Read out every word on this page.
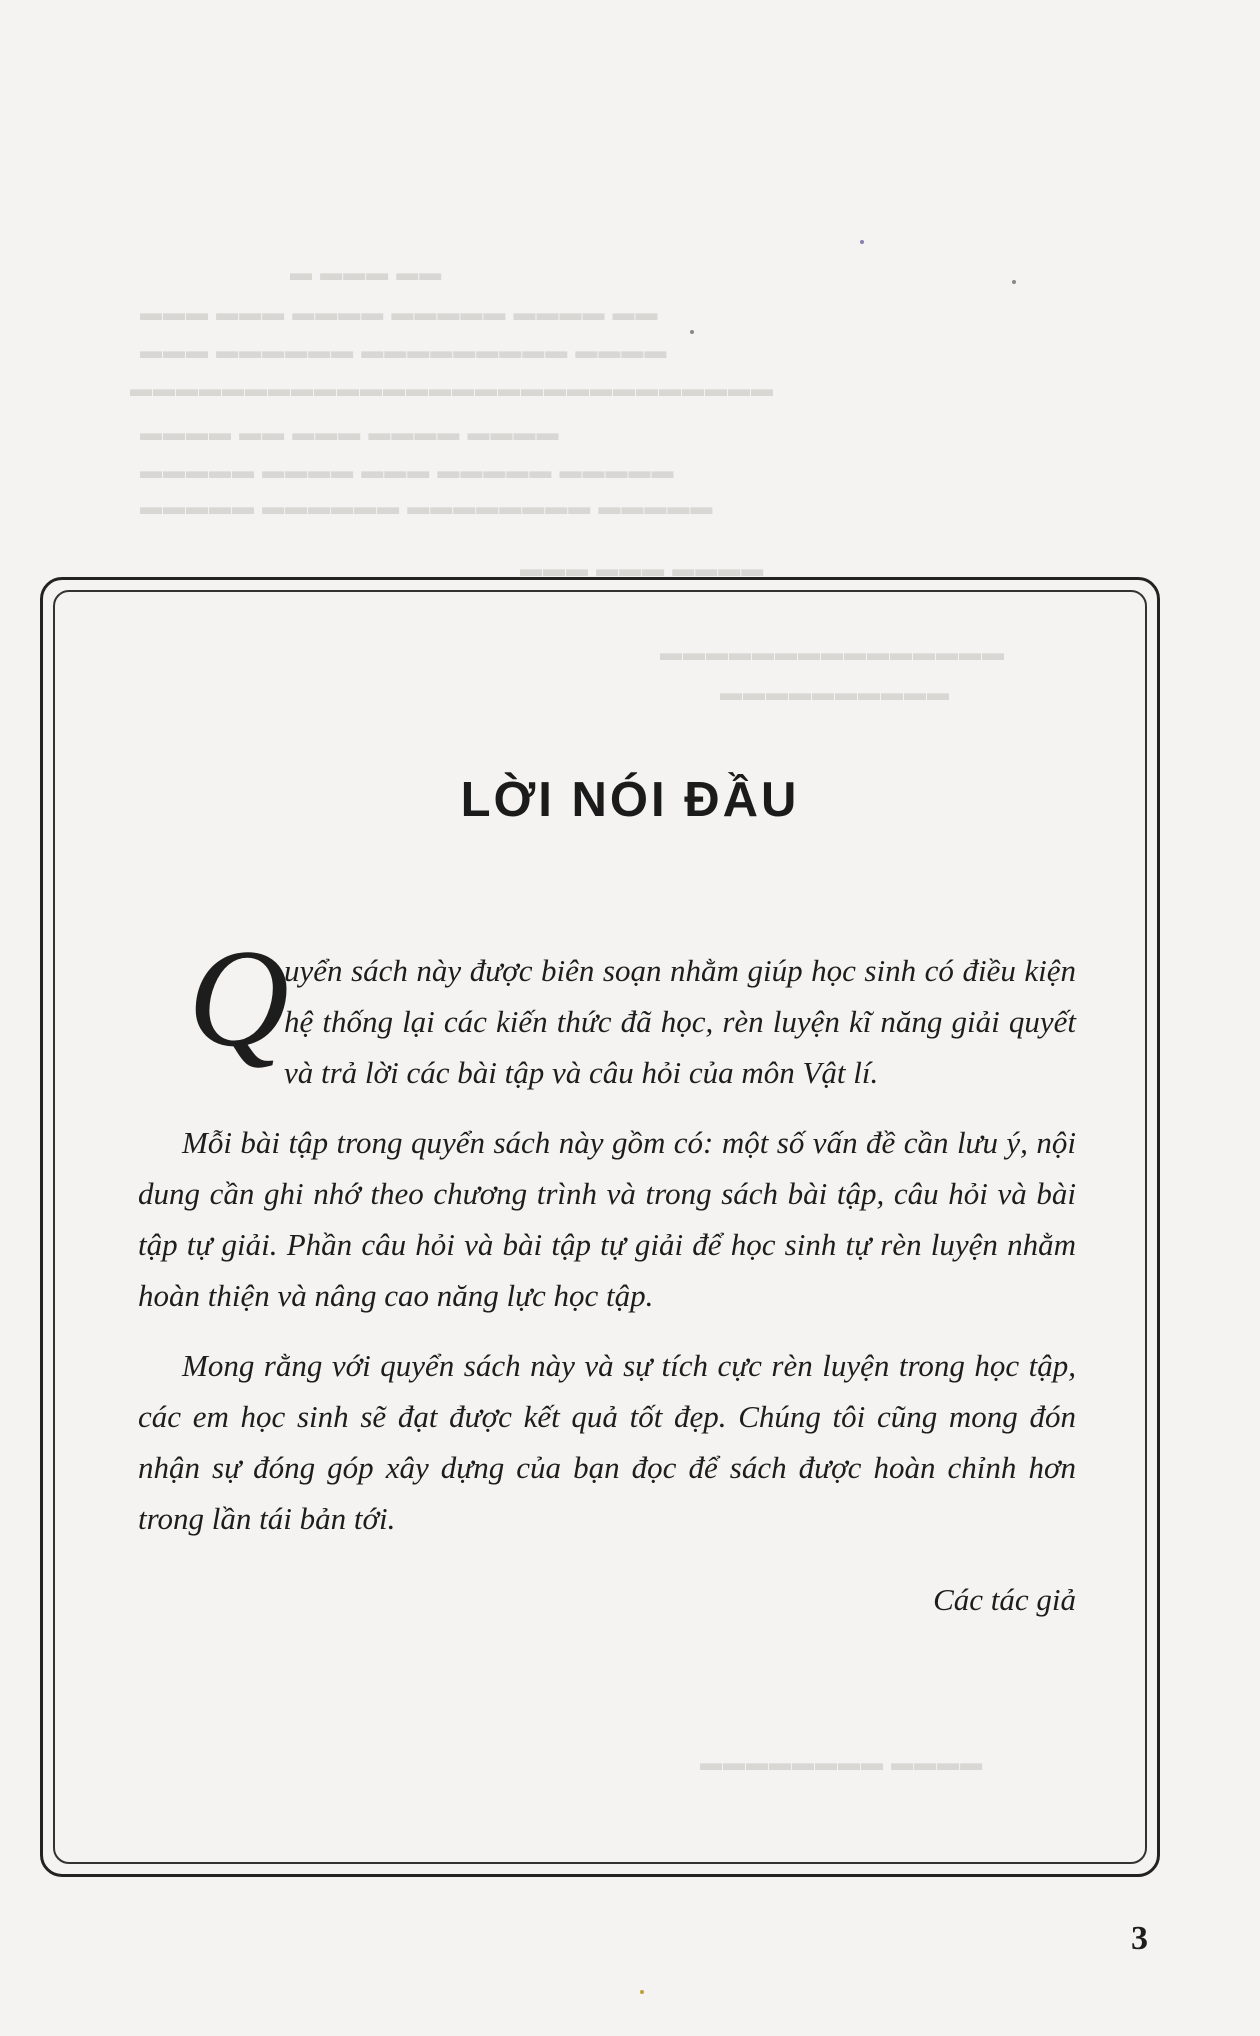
▬ ▬▬▬ ▬▬
▬▬▬ ▬▬▬ ▬▬▬▬ ▬▬▬▬▬ ▬▬▬▬ ▬▬
▬▬▬ ▬▬▬▬▬▬ ▬▬▬▬▬▬▬▬▬ ▬▬▬▬
▬▬▬▬▬▬▬▬▬▬▬▬▬▬▬▬▬▬▬▬▬▬▬▬▬▬▬▬
▬▬▬▬ ▬▬ ▬▬▬ ▬▬▬▬ ▬▬▬▬
▬▬▬▬▬ ▬▬▬▬ ▬▬▬ ▬▬▬▬▬ ▬▬▬▬▬
▬▬▬▬▬ ▬▬▬▬▬▬ ▬▬▬▬▬▬▬▬ ▬▬▬▬▬
▬▬▬ ▬▬▬ ▬▬▬▬
▬▬▬▬▬▬▬▬▬▬▬▬▬▬▬
▬▬▬▬▬▬▬▬▬▬
▬▬▬▬▬▬▬▬ ▬▬▬▬
LỜI NÓI ĐẦU

Q
uyển sách này được biên soạn nhằm giúp học sinh có điều kiện hệ thống lại các kiến thức đã học, rèn luyện kĩ năng giải quyết và trả lời các bài tập và câu hỏi của môn Vật lí.

Mỗi bài tập trong quyển sách này gồm có: một số vấn đề cần lưu ý, nội dung cần ghi nhớ theo chương trình và trong sách bài tập, câu hỏi và bài tập tự giải. Phần câu hỏi và bài tập tự giải để học sinh tự rèn luyện nhằm hoàn thiện và nâng cao năng lực học tập.

Mong rằng với quyển sách này và sự tích cực rèn luyện trong học tập, các em học sinh sẽ đạt được kết quả tốt đẹp. Chúng tôi cũng mong đón nhận sự đóng góp xây dựng của bạn đọc để sách được hoàn chỉnh hơn trong lần tái bản tới.

Các tác giả
3
